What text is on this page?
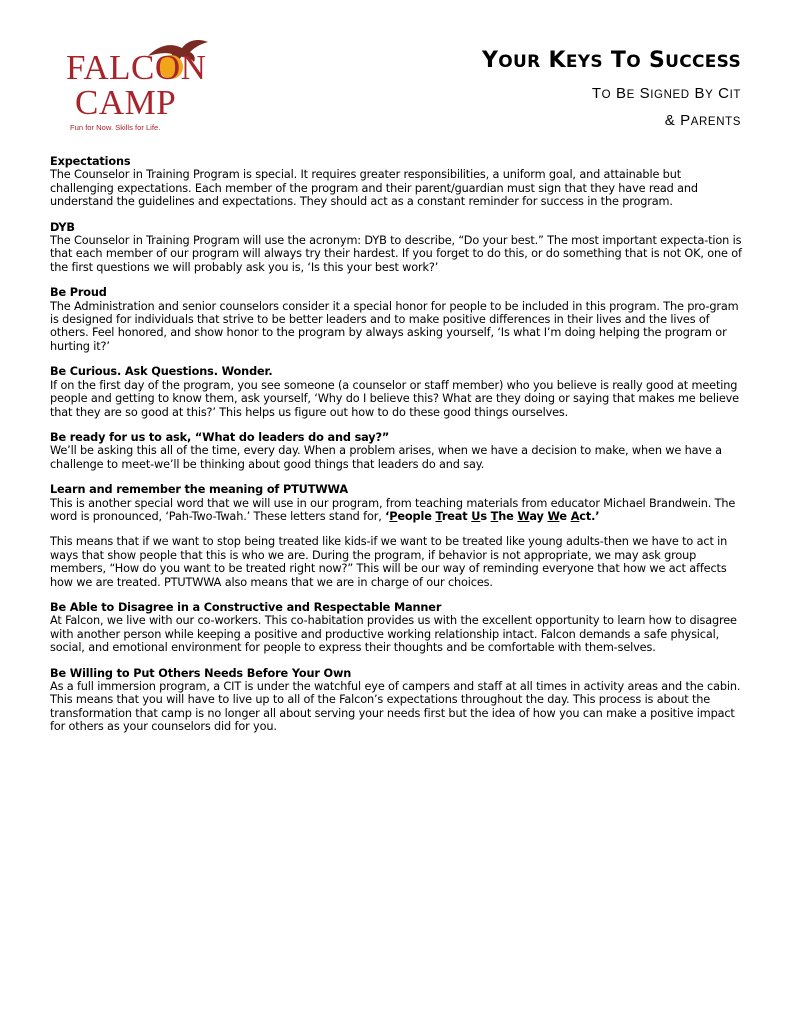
FALCON
CAMP
Fun for Now. Skills for Life.
YOUR KEYS TO SUCCESS
TO BE SIGNED BY CIT
& PARENTS
Expectations
The Counselor in Training Program is special. It requires greater responsibilities, a uniform goal, and attainable but challenging expectations. Each member of the program and their parent/guardian must sign that they have read and understand the guidelines and expectations. They should act as a constant reminder for success in the program.
DYB
The Counselor in Training Program will use the acronym: DYB to describe, “Do your best.” The most important expecta-tion is that each member of our program will always try their hardest. If you forget to do this, or do something that is not OK, one of the first questions we will probably ask you is, ‘Is this your best work?’
Be Proud
The Administration and senior counselors consider it a special honor for people to be included in this program. The pro-gram is designed for individuals that strive to be better leaders and to make positive differences in their lives and the lives of others. Feel honored, and show honor to the program by always asking yourself, ‘Is what I’m doing helping the program or hurting it?’
Be Curious. Ask Questions. Wonder.
If on the first day of the program, you see someone (a counselor or staff member) who you believe is really good at meeting people and getting to know them, ask yourself, ‘Why do I believe this? What are they doing or saying that makes me believe that they are so good at this?’ This helps us figure out how to do these good things ourselves.
Be ready for us to ask, “What do leaders do and say?”
We’ll be asking this all of the time, every day. When a problem arises, when we have a decision to make, when we have a challenge to meet-we’ll be thinking about good things that leaders do and say.
Learn and remember the meaning of PTUTWWA
This is another special word that we will use in our program, from teaching materials from educator Michael Brandwein. The word is pronounced, ‘Pah-Two-Twah.’ These letters stand for, ‘People Treat Us The Way We Act.’
This means that if we want to stop being treated like kids-if we want to be treated like young adults-then we have to act in ways that show people that this is who we are. During the program, if behavior is not appropriate, we may ask group members, “How do you want to be treated right now?” This will be our way of reminding everyone that how we act affects how we are treated. PTUTWWA also means that we are in charge of our choices.
Be Able to Disagree in a Constructive and Respectable Manner
At Falcon, we live with our co-workers. This co-habitation provides us with the excellent opportunity to learn how to disagree with another person while keeping a positive and productive working relationship intact. Falcon demands a safe physical, social, and emotional environment for people to express their thoughts and be comfortable with them-selves.
Be Willing to Put Others Needs Before Your Own
As a full immersion program, a CIT is under the watchful eye of campers and staff at all times in activity areas and the cabin. This means that you will have to live up to all of the Falcon’s expectations throughout the day. This process is about the transformation that camp is no longer all about serving your needs first but the idea of how you can make a positive impact for others as your counselors did for you.
